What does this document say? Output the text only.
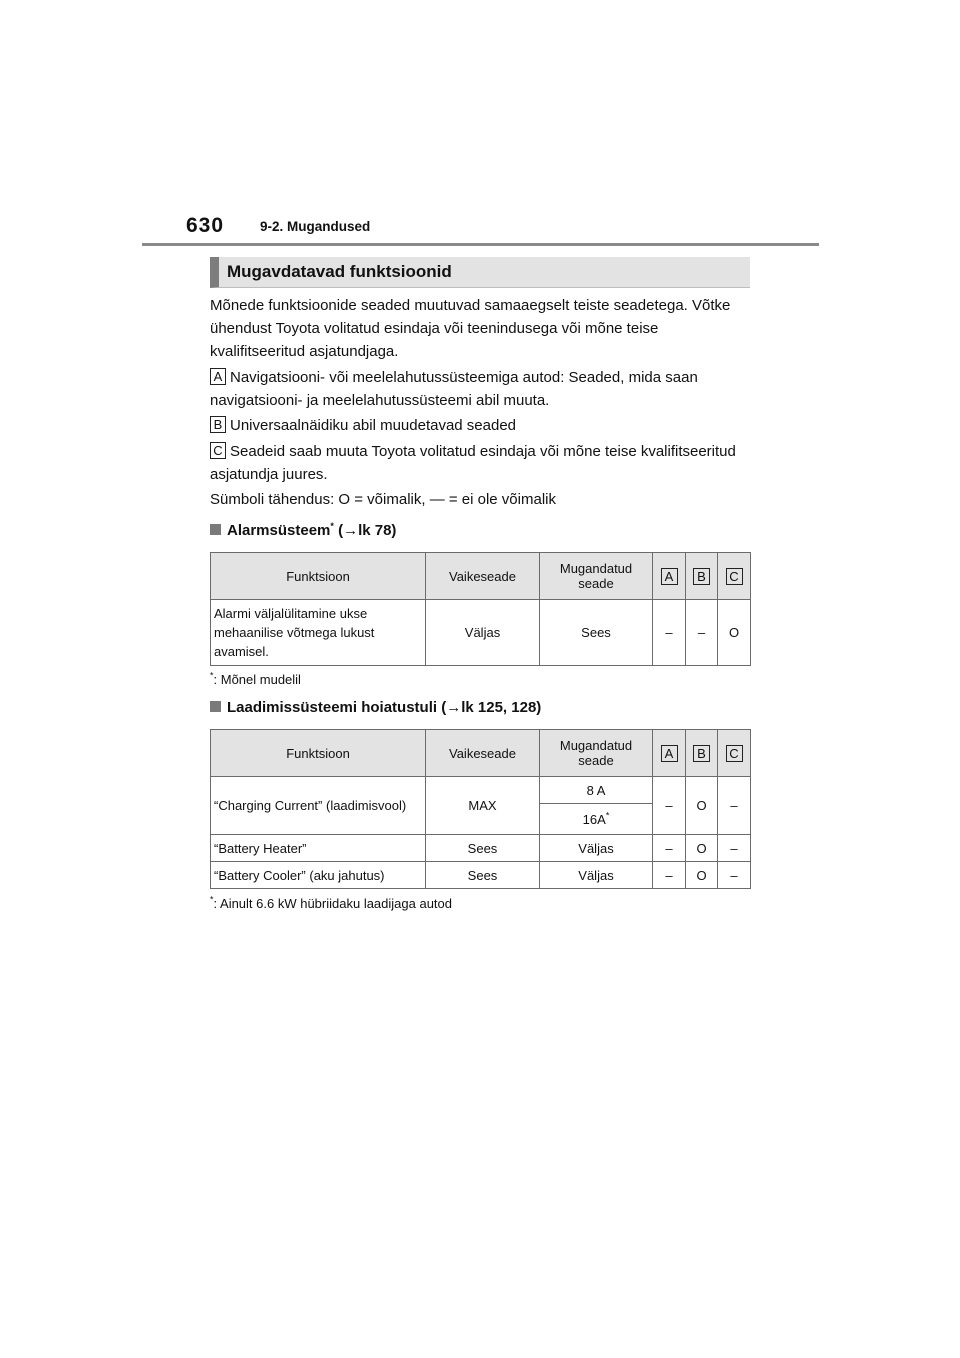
630	9-2. Mugandused
Mugavdatavad funktsioonid
Mõnede funktsioonide seaded muutuvad samaaegselt teiste seadetega. Võtke ühendust Toyota volitatud esindaja või teenindusega või mõne teise kvalifitseeritud asjatundjaga.
A Navigatsiooni- või meelelahutussüsteemiga autod: Seaded, mida saan navigatsiooni- ja meelelahutussüsteemi abil muuta.
B Universaalnäidiku abil muudetavad seaded
C Seadeid saab muuta Toyota volitatud esindaja või mõne teise kvalifitseeritud asjatundja juures.
Sümboli tähendus: O = võimalik, — = ei ole võimalik
Alarmsüsteem* (→lk 78)
Funktsioon	Vaikeseade	Mugandatud seade	A	B	C
Alarmi väljalülitamine ukse mehaanilise võtmega lukust avamisel.	Väljas	Sees	–	–	O
*: Mõnel mudelil
Laadimissüsteemi hoiatustuli (→lk 125, 128)
Funktsioon	Vaikeseade	Mugandatud seade	A	B	C
“Charging Current” (laadimisvool)	MAX	8 A	–	O	–
		16A*
“Battery Heater”	Sees	Väljas	–	O	–
“Battery Cooler” (aku jahutus)	Sees	Väljas	–	O	–
*: Ainult 6.6 kW hübriidaku laadijaga autod
